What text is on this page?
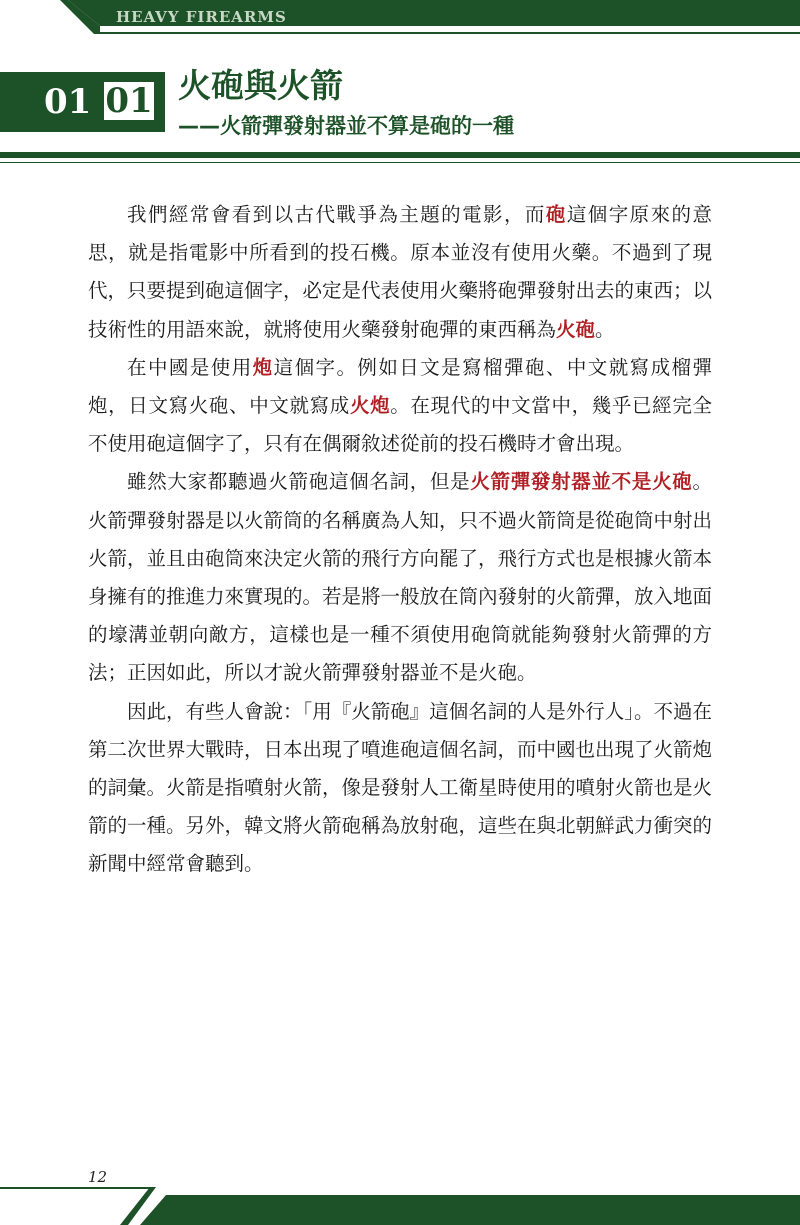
HEAVY FIREARMS
01 01 火砲與火箭
——火箭彈發射器並不算是砲的一種

我們經常會看到以古代戰爭為主題的電影，而砲這個字原來的意思，就是指電影中所看到的投石機。原本並沒有使用火藥。不過到了現代，只要提到砲這個字，必定是代表使用火藥將砲彈發射出去的東西；以技術性的用語來說，就將使用火藥發射砲彈的東西稱為火砲。

在中國是使用炮這個字。例如日文是寫榴彈砲、中文就寫成榴彈炮，日文寫火砲、中文就寫成火炮。在現代的中文當中，幾乎已經完全不使用砲這個字了，只有在偶爾敘述從前的投石機時才會出現。

雖然大家都聽過火箭砲這個名詞，但是火箭彈發射器並不是火砲。火箭彈發射器是以火箭筒的名稱廣為人知，只不過火箭筒是從砲筒中射出火箭，並且由砲筒來決定火箭的飛行方向罷了，飛行方式也是根據火箭本身擁有的推進力來實現的。若是將一般放在筒內發射的火箭彈，放入地面的壕溝並朝向敵方，這樣也是一種不須使用砲筒就能夠發射火箭彈的方法；正因如此，所以才說火箭彈發射器並不是火砲。

因此，有些人會說：「用『火箭砲』這個名詞的人是外行人」。不過在第二次世界大戰時，日本出現了噴進砲這個名詞，而中國也出現了火箭炮的詞彙。火箭是指噴射火箭，像是發射人工衛星時使用的噴射火箭也是火箭的一種。另外，韓文將火箭砲稱為放射砲，這些在與北朝鮮武力衝突的新聞中經常會聽到。

12
